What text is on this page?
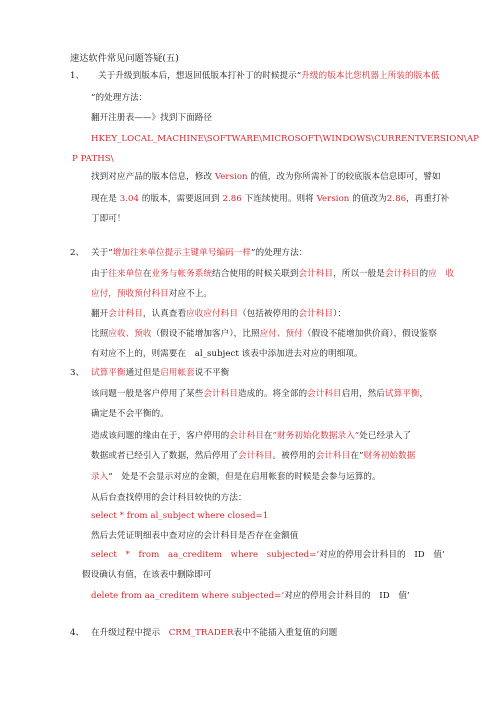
速达软件常见问题答疑(五)
1、 关于升级到版本后，想返回低版本打补丁的时候提示“升级的版本比您机器上所装的版本低
”的处理方法：
翻开注册表——》找到下面路径
HKEY_LOCAL_MACHINE\SOFTWARE\MICROSOFT\WINDOWS\CURRENTVERSION\AP
P PATHS\
找到对应产品的版本信息，修改 Version 的值，改为你所需补丁的较底版本信息即可，譬如
现在是 3.04 的版本，需要返回到 2.86 下连续使用。则将 Version 的值改为2.86，再重打补
丁即可！
2、 关于”增加往来单位提示主键单号编码一样”的处理方法：
由于往来单位在业务与帐务系统结合使用的时候关联到会计科目，所以一般是会计科目的应　收
应付，预收预付科目对应不上。
翻开会计科目，认真查看应收应付科目（包括被停用的会计科目）：
比照应收、预收（假设不能增加客户），比照应付、预付（假设不能增加供价商），假设鉴察
有对应不上的，则需要在　al_subject 该表中添加进去对应的明细项。
3、 试算平衡通过但是启用帐套说不平衡
该问题一般是客户停用了某些会计科目造成的。将全部的会计科目启用，然后试算平衡，
确定是不会平衡的。
造成该问题的缘由在于，客户停用的会计科目在”财务初始化数据录入”处已经录入了
数据或者已经引入了数据，然后停用了会计科目。被停用的会计科目在”财务初始数据
录入”　处是不会显示对应的金额，但是在启用帐套的时候是会参与运算的。
从后台查找停用的会计科目较快的方法：
select * from al_subject where closed=1
然后去凭证明细表中查对应的会计科目是否存在金额值
select　*　from　aa_creditem　where　subjected=’对应的停用会计科目的　ID　值’
假设确认有值，在该表中删除即可
delete from aa_creditem where subjected=’对应的停用会计科目的　ID　值’
4、 在升级过程中提示　CRM_TRADER表中不能插入重复值的问题
